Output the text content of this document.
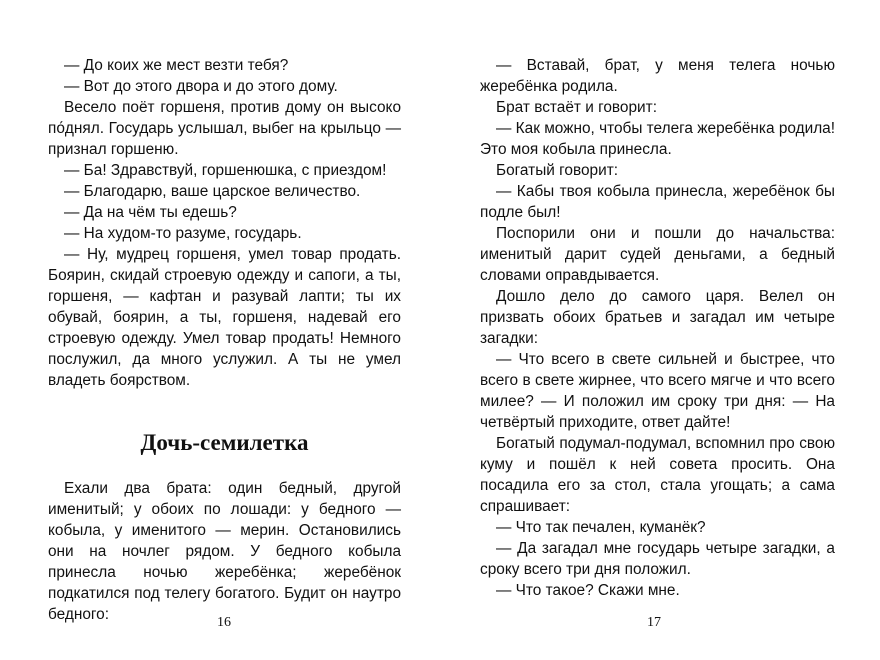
— До коих же мест везти тебя?

— Вот до этого двора и до этого дому.

Весело поёт горшеня, против дому он высоко по́днял. Государь услышал, выбег на крыльцо — признал горшеню.

— Ба! Здравствуй, горшенюшка, с приездом!

— Благодарю, ваше царское величество.

— Да на чём ты едешь?

— На худом-то разуме, государь.

— Ну, мудрец горшеня, умел товар продать. Боярин, скидай строевую одежду и сапоги, а ты, горшеня, — кафтан и разувай лапти; ты их обувай, боярин, а ты, горшеня, надевай его строевую одежду. Умел товар продать! Немного послужил, да много услужил. А ты не умел владеть боярством.

Дочь-семилетка

Ехали два брата: один бедный, другой именитый; у обоих по лошади: у бедного — кобыла, у именитого — мерин. Остановились они на ночлег рядом. У бедного кобыла принесла ночью жеребёнка; жеребёнок подкатился под телегу богатого. Будит он наутро бедного:	16

— Вставай, брат, у меня телега ночью жеребёнка родила.

Брат встаёт и говорит:

— Как можно, чтобы телега жеребёнка родила! Это моя кобыла принесла.

Богатый говорит:

— Кабы твоя кобыла принесла, жеребёнок бы подле был!

Поспорили они и пошли до начальства: именитый дарит судей деньгами, а бедный словами оправдывается.

Дошло дело до самого царя. Велел он призвать обоих братьев и загадал им четыре загадки:

— Что всего в свете сильней и быстрее, что всего в свете жирнее, что всего мягче и что всего милее? — И положил им сроку три дня: — На четвёртый приходите, ответ дайте!

Богатый подумал-подумал, вспомнил про свою куму и пошёл к ней совета просить. Она посадила его за стол, стала угощать; а сама спрашивает:

— Что так печален, куманёк?

— Да загадал мне государь четыре загадки, а сроку всего три дня положил.

— Что такое? Скажи мне.

17
